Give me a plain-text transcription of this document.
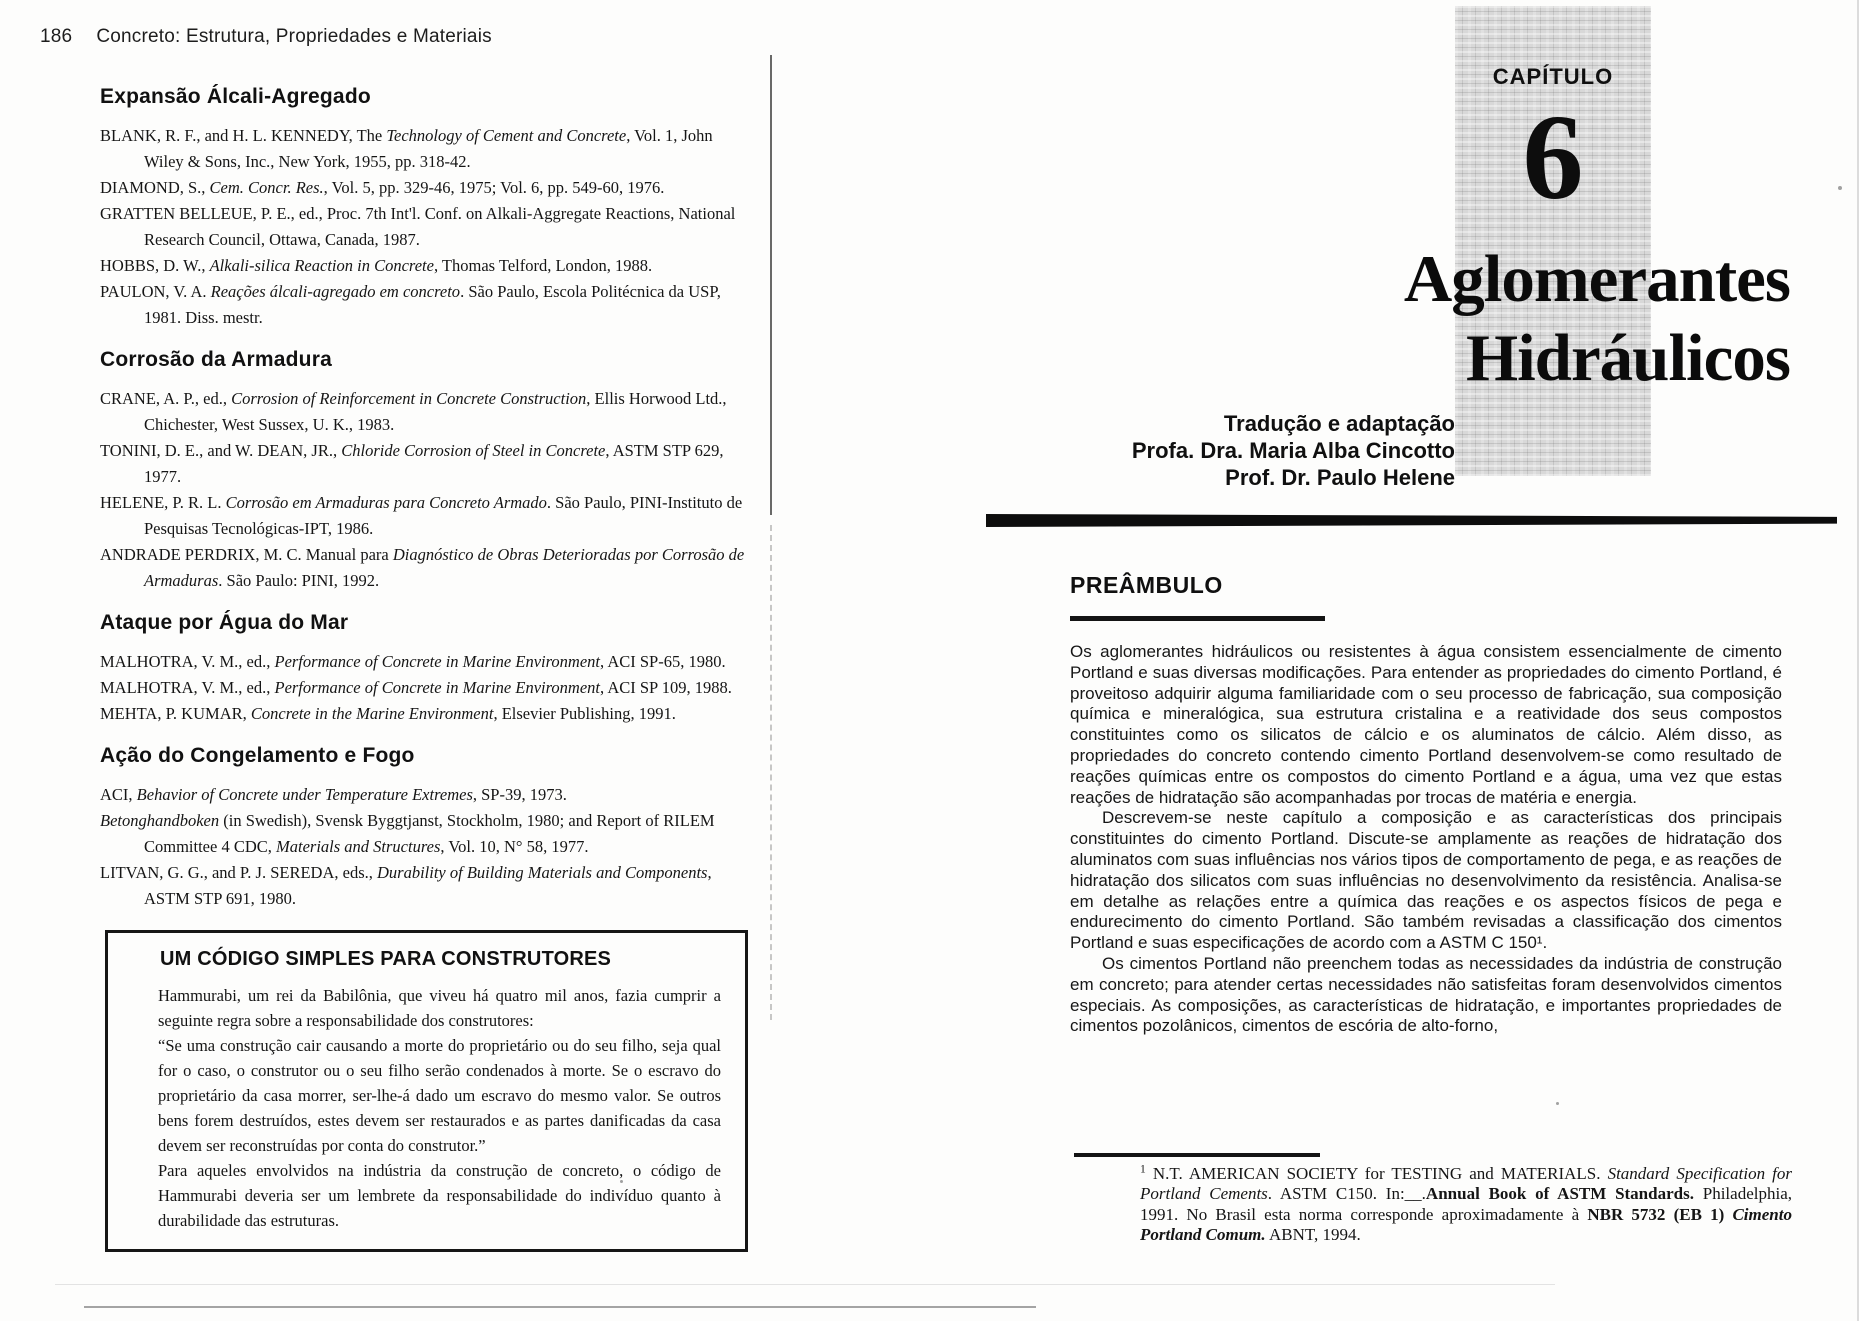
186 Concreto: Estrutura, Propriedades e Materiais
Expansão Álcali-Agregado

BLANK, R. F., and H. L. KENNEDY, The Technology of Cement and Concrete, Vol. 1, John Wiley & Sons, Inc., New York, 1955, pp. 318-42.

DIAMOND, S., Cem. Concr. Res., Vol. 5, pp. 329-46, 1975; Vol. 6, pp. 549-60, 1976.

GRATTEN BELLEUE, P. E., ed., Proc. 7th Int'l. Conf. on Alkali-Aggregate Reactions, National Research Council, Ottawa, Canada, 1987.

HOBBS, D. W., Alkali-silica Reaction in Concrete, Thomas Telford, London, 1988.

PAULON, V. A. Reações álcali-agregado em concreto. São Paulo, Escola Politécnica da USP, 1981. Diss. mestr.

Corrosão da Armadura

CRANE, A. P., ed., Corrosion of Reinforcement in Concrete Construction, Ellis Horwood Ltd., Chichester, West Sussex, U. K., 1983.

TONINI, D. E., and W. DEAN, JR., Chloride Corrosion of Steel in Concrete, ASTM STP 629, 1977.

HELENE, P. R. L. Corrosão em Armaduras para Concreto Armado. São Paulo, PINI-Instituto de Pesquisas Tecnológicas-IPT, 1986.

ANDRADE PERDRIX, M. C. Manual para Diagnóstico de Obras Deterioradas por Corrosão de Armaduras. São Paulo: PINI, 1992.

Ataque por Água do Mar

MALHOTRA, V. M., ed., Performance of Concrete in Marine Environment, ACI SP-65, 1980.

MALHOTRA, V. M., ed., Performance of Concrete in Marine Environment, ACI SP 109, 1988.

MEHTA, P. KUMAR, Concrete in the Marine Environment, Elsevier Publishing, 1991.

Ação do Congelamento e Fogo

ACI, Behavior of Concrete under Temperature Extremes, SP-39, 1973.

Betonghandboken (in Swedish), Svensk Byggtjanst, Stockholm, 1980; and Report of RILEM Committee 4 CDC, Materials and Structures, Vol. 10, N° 58, 1977.

LITVAN, G. G., and P. J. SEREDA, eds., Durability of Building Materials and Components, ASTM STP 691, 1980.

UM CÓDIGO SIMPLES PARA CONSTRUTORES

Hammurabi, um rei da Babilônia, que viveu há quatro mil anos, fazia cumprir a seguinte regra sobre a responsabilidade dos construtores:

“Se uma construção cair causando a morte do proprietário ou do seu filho, seja qual for o caso, o construtor ou o seu filho serão condenados à morte. Se o escravo do proprietário da casa morrer, ser-lhe-á dado um escravo do mesmo valor. Se outros bens forem destruídos, estes devem ser restaurados e as partes danificadas da casa devem ser reconstruídas por conta do construtor.”

Para aqueles envolvidos na indústria da construção de concreto, o código de Hammurabi deveria ser um lembrete da responsabilidade do indivíduo quanto à durabilidade das estruturas.

CAPÍTULO
6
Aglomerantes
Hidráulicos
Tradução e adaptação
Profa. Dra. Maria Alba Cincotto
Prof. Dr. Paulo Helene
PREÂMBULO

Os aglomerantes hidráulicos ou resistentes à água consistem essencialmente de cimento Portland e suas diversas modificações. Para entender as propriedades do cimento Portland, é proveitoso adquirir alguma familiaridade com o seu processo de fabricação, sua composição química e mineralógica, sua estrutura cristalina e a reatividade dos seus compostos constituintes como os silicatos de cálcio e os aluminatos de cálcio. Além disso, as propriedades do concreto contendo cimento Portland desenvolvem-se como resultado de reações químicas entre os compostos do cimento Portland e a água, uma vez que estas reações de hidratação são acompanhadas por trocas de matéria e energia.

Descrevem-se neste capítulo a composição e as características dos principais constituintes do cimento Portland. Discute-se amplamente as reações de hidratação dos aluminatos com suas influências nos vários tipos de comportamento de pega, e as reações de hidratação dos silicatos com suas influências no desenvolvimento da resistência. Analisa-se em detalhe as relações entre a química das reações e os aspectos físicos de pega e endurecimento do cimento Portland. São também revisadas a classificação dos cimentos Portland e suas especificações de acordo com a ASTM C 150¹.

Os cimentos Portland não preenchem todas as necessidades da indústria de construção em concreto; para atender certas necessidades não satisfeitas foram desenvolvidos cimentos especiais. As composições, as características de hidratação, e importantes propriedades de cimentos pozolânicos, cimentos de escória de alto-forno,

$^1$ N.T. AMERICAN SOCIETY for TESTING and MATERIALS. Standard Specification for Portland Cements. ASTM C150. In:__.Annual Book of ASTM Standards. Philadelphia, 1991. No Brasil esta norma corresponde aproximadamente à NBR 5732 (EB 1) Cimento Portland Comum. ABNT, 1994.
